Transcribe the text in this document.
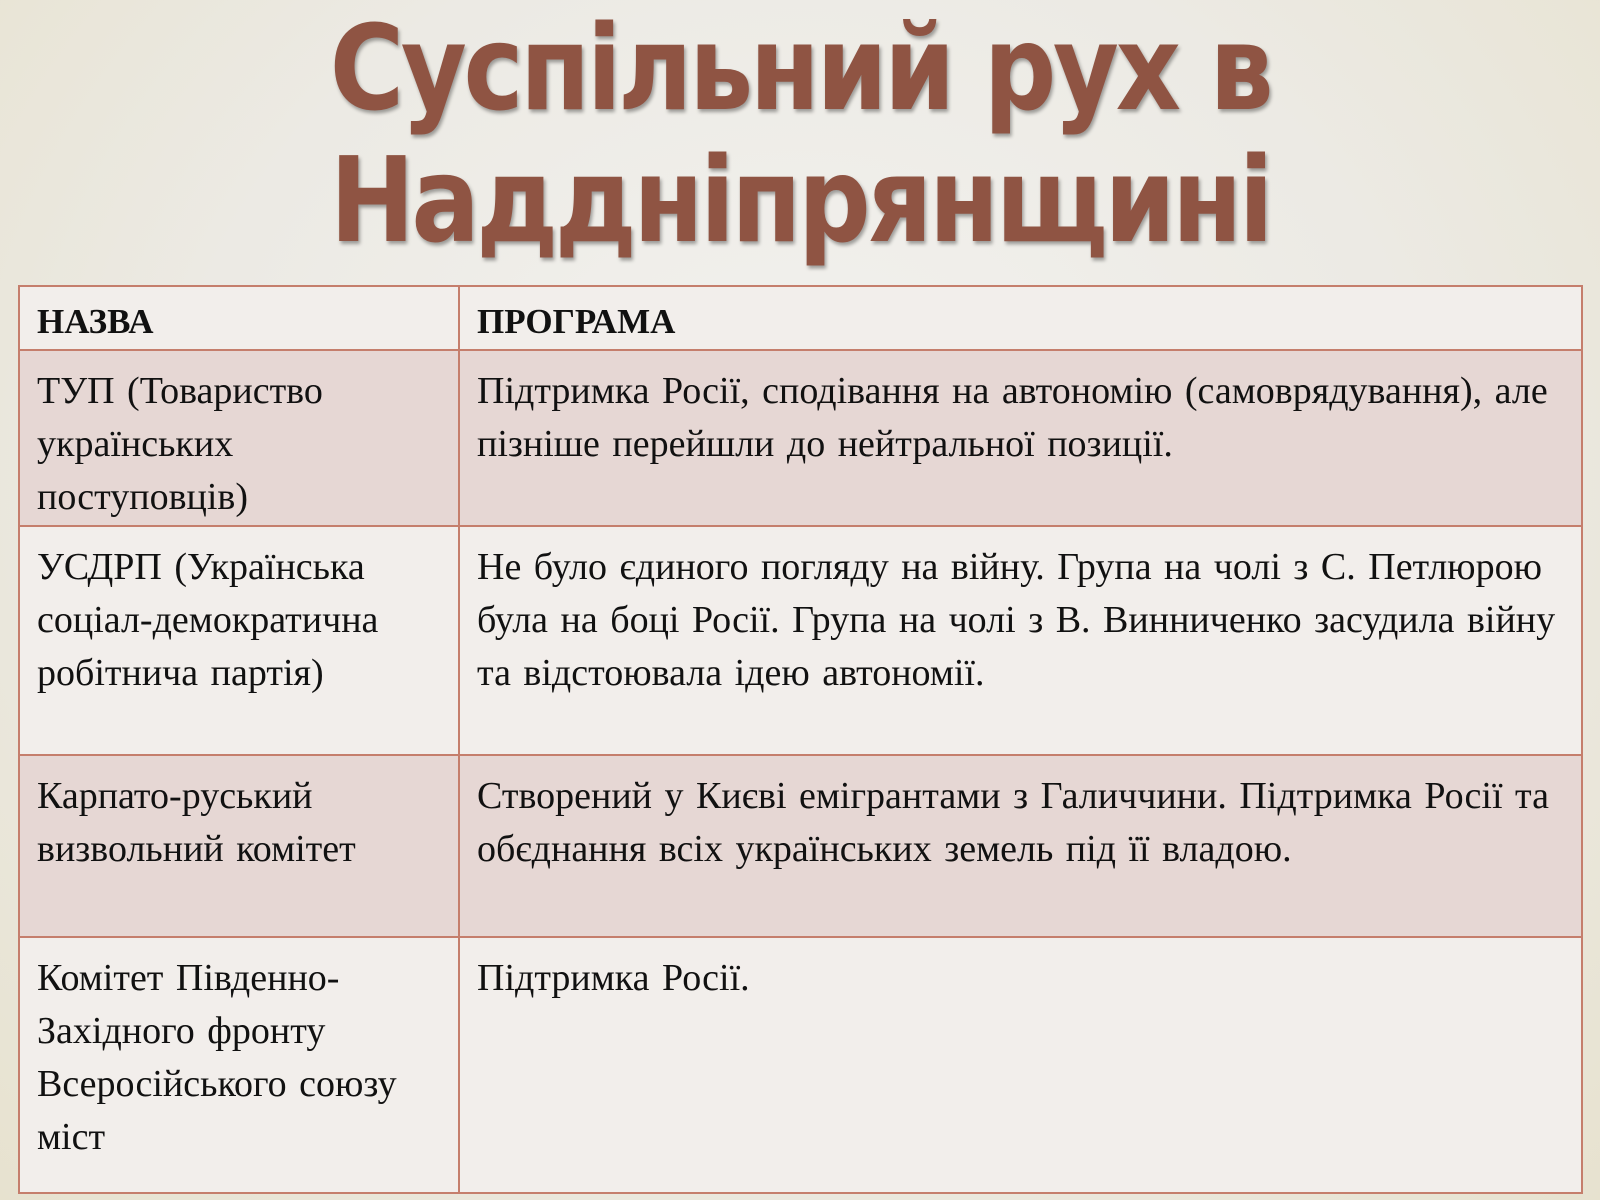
Суспільний рух в
Наддніпрянщині
НАЗВА	ПРОГРАМА
ТУП (Товариство українських поступовців)	Підтримка Росії, сподівання на автономію (самоврядування), але пізніше перейшли до нейтральної позиції.
УСДРП (Українська соціал-демократична робітнича партія)	Не було єдиного погляду на війну. Група на чолі з С. Петлюрою була на боці Росії. Група на чолі з В. Винниченко засудила війну та відстоювала ідею автономії.
Карпато-руський визвольний комітет	Створений у Києві емігрантами з Галиччини. Підтримка Росії та обєднання всіх українських земель під її владою.
Комітет Південно-Західного фронту Всеросійського союзу міст	Підтримка Росії.
